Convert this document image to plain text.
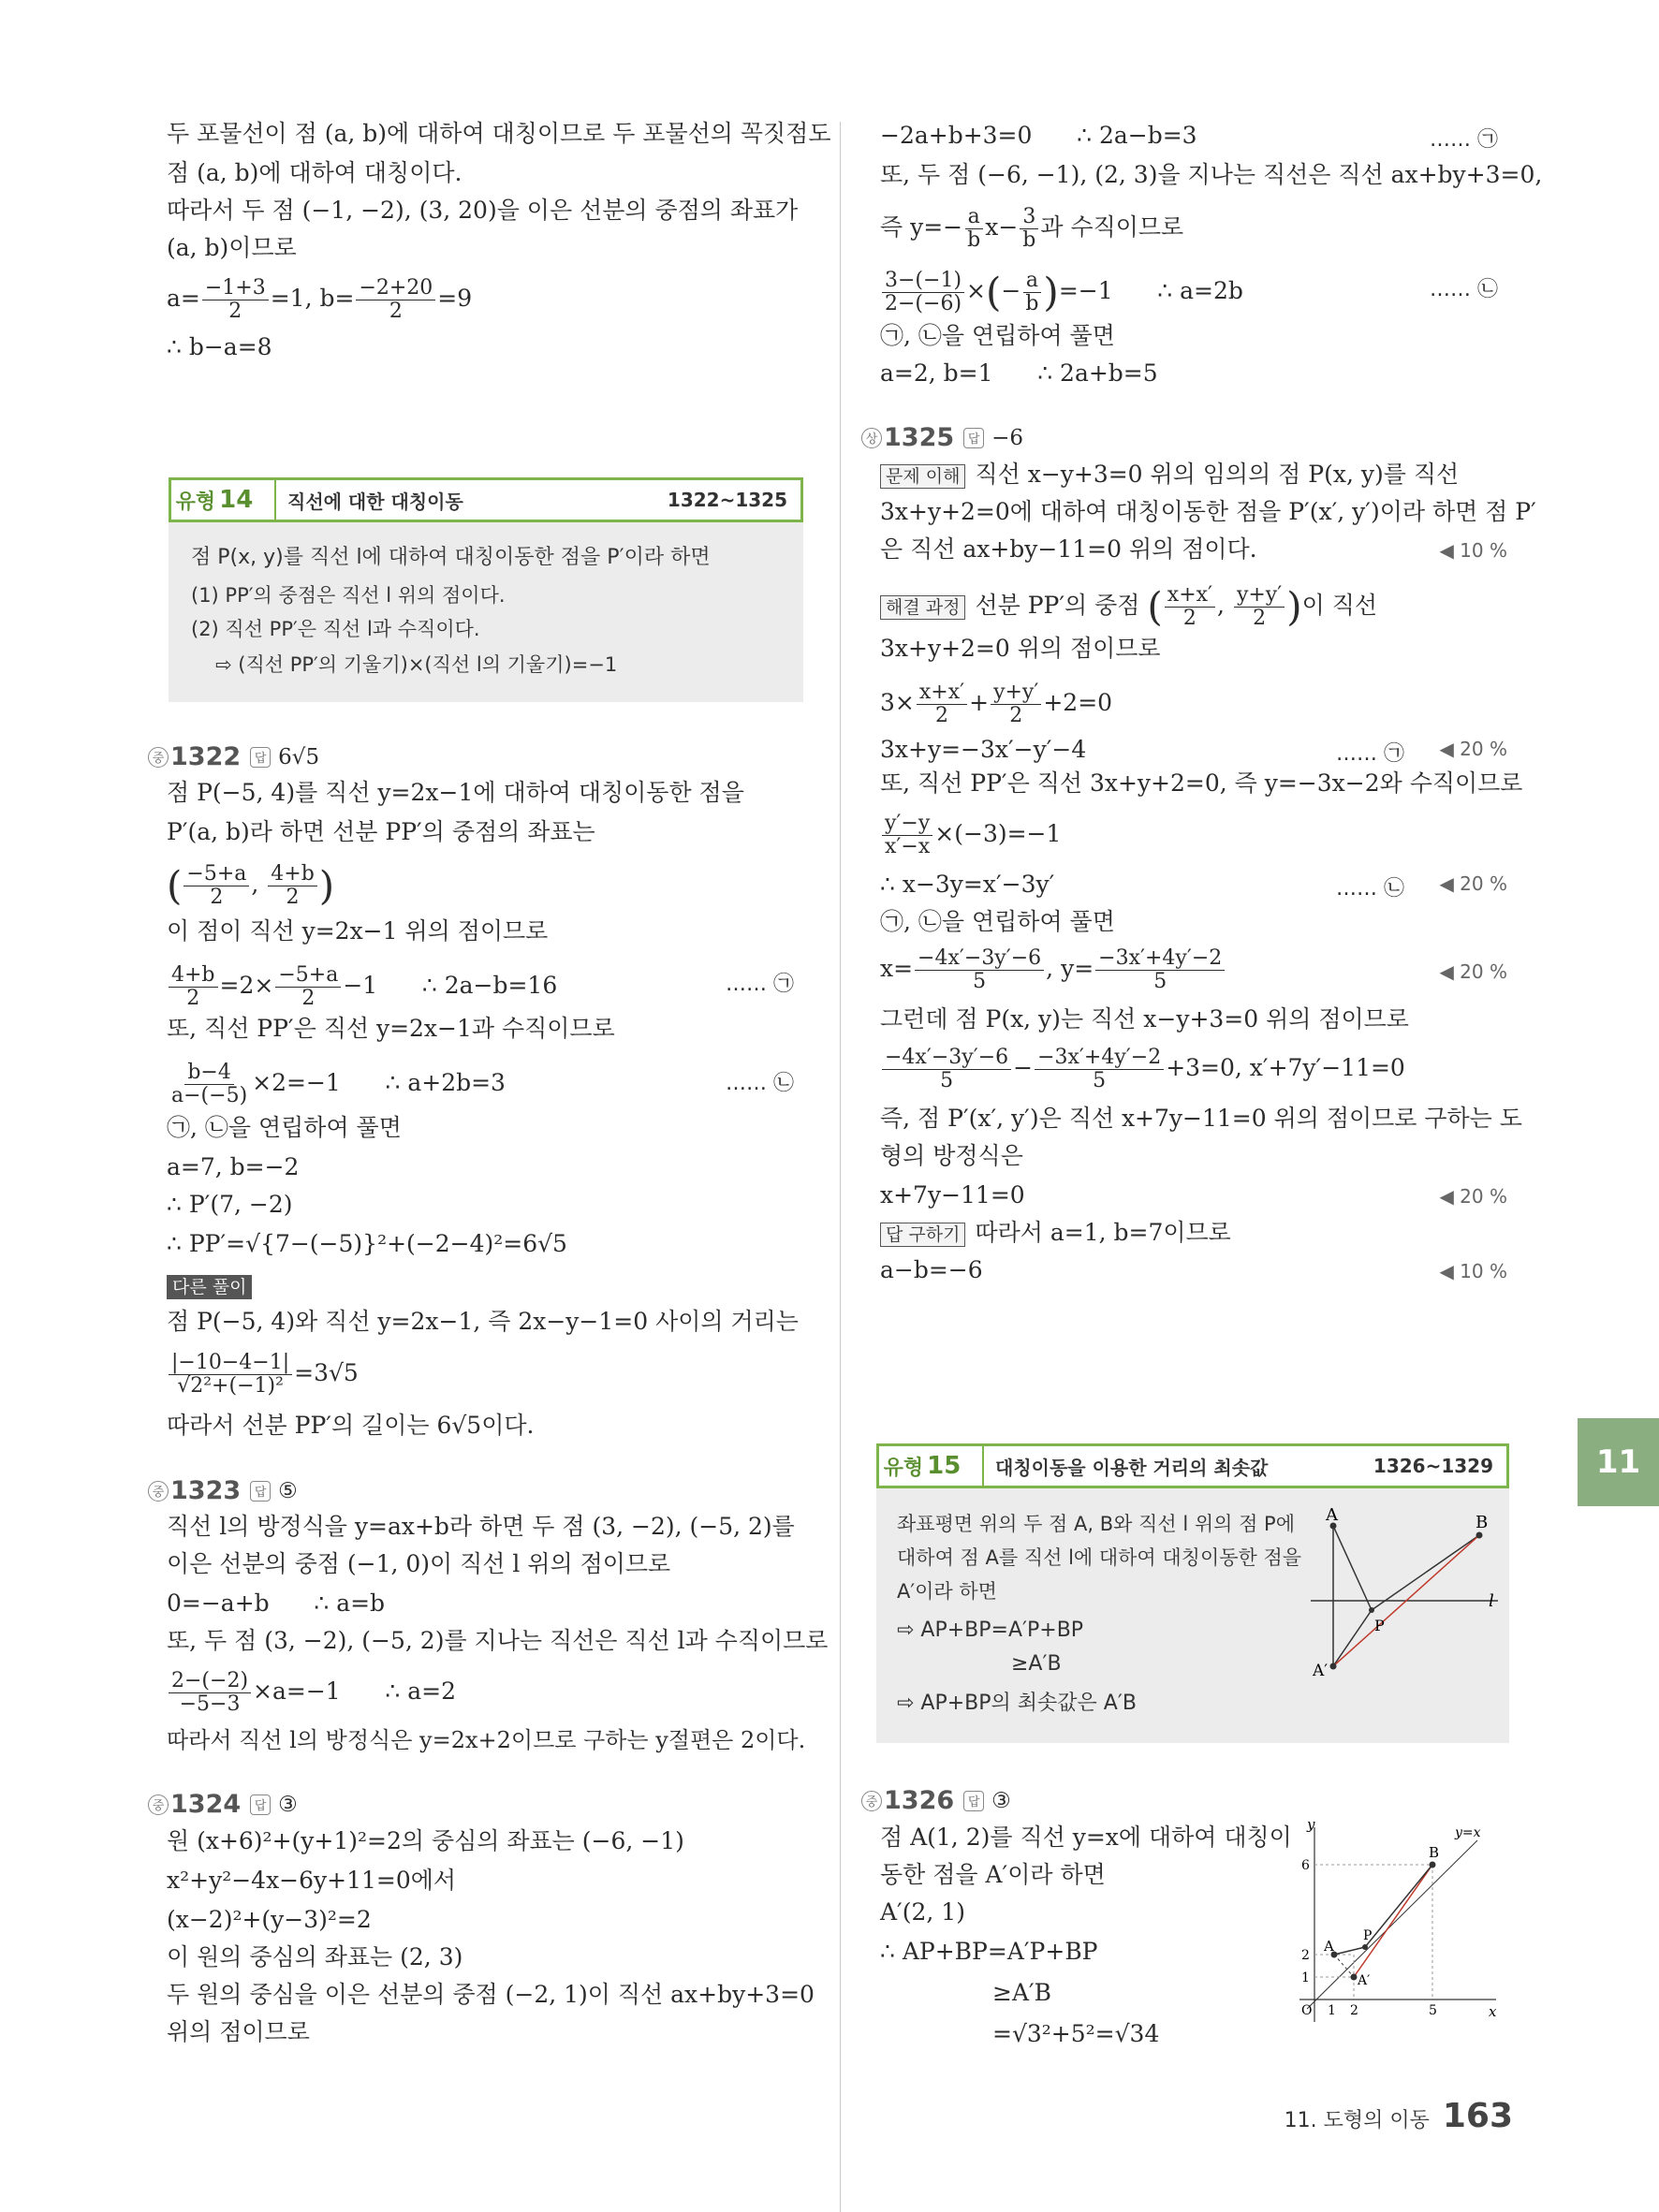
두 포물선이 점 (a, b)에 대하여 대칭이므로 두 포물선의 꼭짓점도
점 (a, b)에 대하여 대칭이다.
따라서 두 점 (−1, −2), (3, 20)을 이은 선분의 중점의 좌표가
(a, b)이므로
$a= \frac{-1+3}{2} =1$, $b= \frac{-2+20}{2} =9$
∴ b−a=8
유형 14	직선에 대한 대칭이동	1322~1325
점 P(x, y)를 직선 l에 대하여 대칭이동한 점을 P′이라 하면
(1) PP′의 중점은 직선 l 위의 점이다.
(2) 직선 PP′은 직선 l과 수직이다.
⇨ (직선 PP′의 기울기)×(직선 l의 기울기)=−1
중 1322	답 6√5
점 P(−5, 4)를 직선 y=2x−1에 대하여 대칭이동한 점을
P′(a, b)라 하면 선분 PP′의 중점의 좌표는
( $\frac{-5+a}{2}$ , $\frac{4+b}{2}$ )
이 점이 직선 y=2x−1 위의 점이므로
$\frac{4+b}{2} =2\times \frac{-5+a}{2} -1$      ∴ 2a−b=16	…… ㉠
또, 직선 PP′은 직선 y=2x−1과 수직이므로
$\frac{b-4}{a-(-5)} \times 2=-1$      ∴ a+2b=3	…… ㉡
㉠, ㉡을 연립하여 풀면
a=7, b=−2
∴ P′(7, −2)
∴ PP′=√{7−(−5)}²+(−2−4)²=6√5
다른 풀이
점 P(−5, 4)와 직선 y=2x−1, 즉 2x−y−1=0 사이의 거리는
$\frac{|-10-4-1|}{\text{√2²+(−1)²}} =3√5$
따라서 선분 PP′의 길이는 6√5이다.
중 1323	답 ⑤
직선 l의 방정식을 y=ax+b라 하면 두 점 (3, −2), (−5, 2)를
이은 선분의 중점 (−1, 0)이 직선 l 위의 점이므로
0=−a+b      ∴ a=b
또, 두 점 (3, −2), (−5, 2)를 지나는 직선은 직선 l과 수직이므로
$\frac{2-(-2)}{-5-3} \times a=-1$      ∴ a=2
따라서 직선 l의 방정식은 y=2x+2이므로 구하는 y절편은 2이다.
중 1324	답 ③
원 (x+6)²+(y+1)²=2의 중심의 좌표는 (−6, −1)
x²+y²−4x−6y+11=0에서
(x−2)²+(y−3)²=2
이 원의 중심의 좌표는 (2, 3)
두 원의 중심을 이은 선분의 중점 (−2, 1)이 직선 ax+by+3=0
위의 점이므로
−2a+b+3=0      ∴ 2a−b=3	…… ㉠
또, 두 점 (−6, −1), (2, 3)을 지나는 직선은 직선 ax+by+3=0,
즉 $y=- \frac{a}{b} x- \frac{3}{b}$ 과 수직이므로
$\frac{3-(-1)}{2-(-6)}$ ×(− $\frac{a}{b} )=-1$      ∴ a=2b	…… ㉡
㉠, ㉡을 연립하여 풀면
a=2, b=1      ∴ 2a+b=5
상 1325	답 −6
문제 이해 직선 x−y+3=0 위의 임의의 점 P(x, y)를 직선
3x+y+2=0에 대하여 대칭이동한 점을 P′(x′, y′)이라 하면 점 P′
은 직선 ax+by−11=0 위의 점이다.	◀ 10 %
해결 과정 선분 PP′의 중점 ( $\frac{x+x'}{2}$ , $\frac{y+y'}{2}$ )이 직선
3x+y+2=0 위의 점이므로
$3\times \frac{x+x'}{2} + \frac{y+y'}{2} +2=0$
3x+y=−3x′−y′−4	…… ㉠ ◀ 20 %
또, 직선 PP′은 직선 3x+y+2=0, 즉 y=−3x−2와 수직이므로
$\frac{y'-y}{x'-x} \times(-3)=-1$
∴ x−3y=x′−3y′	…… ㉡ ◀ 20 %
㉠, ㉡을 연립하여 풀면
$x= \frac{-4x'-3y'-6}{5}$ , $y= \frac{-3x'+4y'-2}{5}$	◀ 20 %
그런데 점 P(x, y)는 직선 x−y+3=0 위의 점이므로
$\frac{-4x'-3y'-6}{5} - \frac{-3x'+4y'-2}{5} +3=0$, x′+7y′−11=0
즉, 점 P′(x′, y′)은 직선 x+7y−11=0 위의 점이므로 구하는 도
형의 방정식은
x+7y−11=0	◀ 20 %
답 구하기 따라서 a=1, b=7이므로
a−b=−6	◀ 10 %
유형 15	대칭이동을 이용한 거리의 최솟값	1326~1329
좌표평면 위의 두 점 A, B와 직선 l 위의 점 P에
대하여 점 A를 직선 l에 대하여 대칭이동한 점을
A′이라 하면
⇨ AP+BP=A′P+BP
≥A′B
⇨ AP+BP의 최솟값은 A′B
A	B
P
A′
l
중 1326	답 ③
점 A(1, 2)를 직선 y=x에 대하여 대칭이
동한 점을 A′이라 하면
A′(2, 1)
∴ AP+BP=A′P+BP
≥A′B
=√3²+5²=√34
y
x
y=x
B
P
A
A′
O 1 2	5
6
2
1
11
11. 도형의 이동 163
